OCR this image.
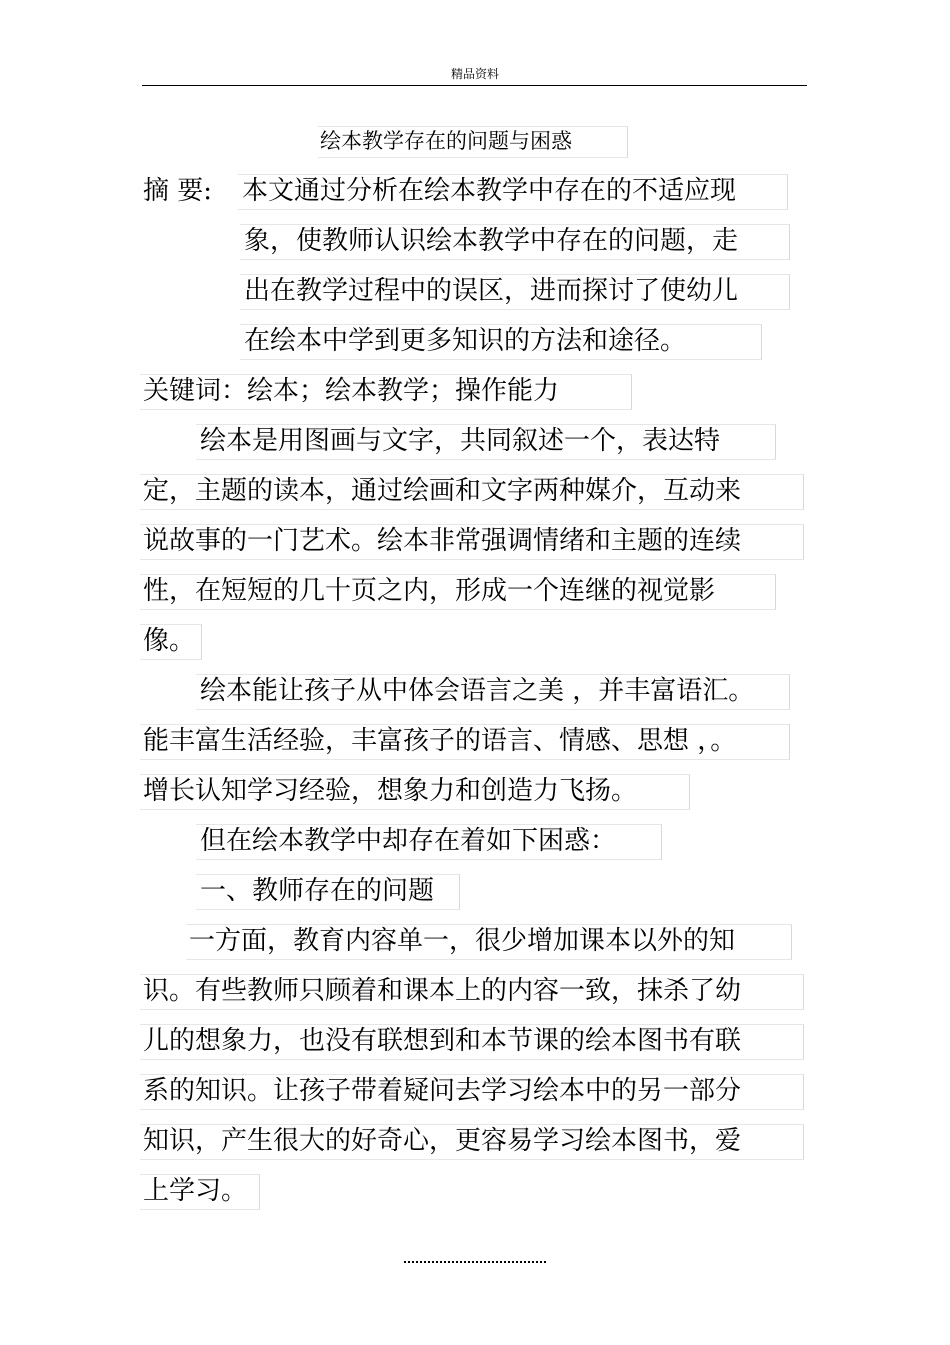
精品资料
绘本教学存在的问题与困惑
摘 要: 本文通过分析在绘本教学中存在的不适应现
象，使教师认识绘本教学中存在的问题，走
出在教学过程中的误区，进而探讨了使幼儿
在绘本中学到更多知识的方法和途径。
关键词：绘本；绘本教学；操作能力
绘本是用图画与文字，共同叙述一个，表达特
定，主题的读本，通过绘画和文字两种媒介，互动来
说故事的一门艺术。绘本非常强调情绪和主题的连续
性，在短短的几十页之内，形成一个连继的视觉影
像。
绘本能让孩子从中体会语言之美 ，并丰富语汇。
能丰富生活经验，丰富孩子的语言、情感、思想 ，。
增长认知学习经验，想象力和创造力飞扬。
但在绘本教学中却存在着如下困惑：
一、教师存在的问题
一方面，教育内容单一，很少增加课本以外的知
识。有些教师只顾着和课本上的内容一致，抹杀了幼
儿的想象力，也没有联想到和本节课的绘本图书有联
系的知识。让孩子带着疑问去学习绘本中的另一部分
知识，产生很大的好奇心，更容易学习绘本图书，爱
上学习。
